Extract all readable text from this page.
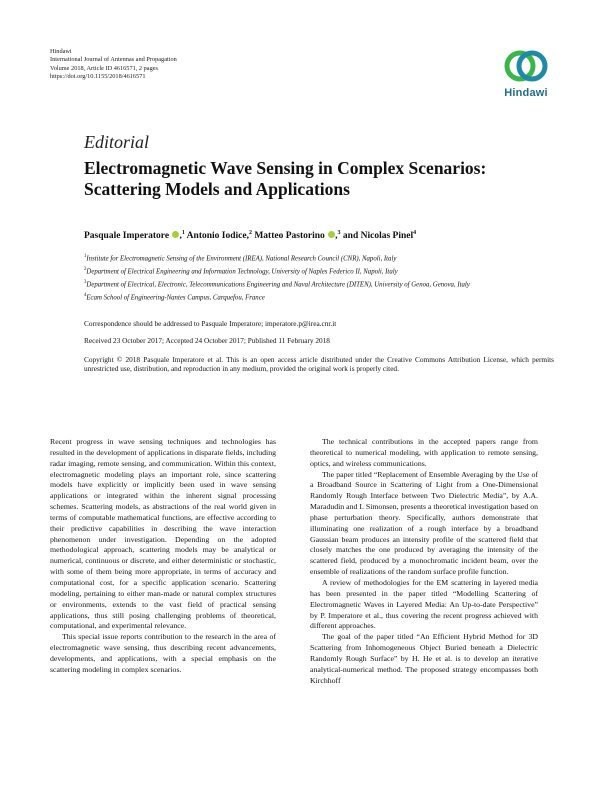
Hindawi
International Journal of Antennas and Propagation
Volume 2018, Article ID 4616571, 2 pages
https://doi.org/10.1155/2018/4616571
Hindawi
Editorial
Electromagnetic Wave Sensing in Complex Scenarios: Scattering Models and Applications
Pasquale Imperatore ,$^1$ Antonio Iodice,$^2$ Matteo Pastorino ,$^3$ and Nicolas Pinel$^4$
$^1$Institute for Electromagnetic Sensing of the Environment (IREA), National Research Council (CNR), Napoli, Italy
$^2$Department of Electrical Engineering and Information Technology, University of Naples Federico II, Napoli, Italy
$^3$Department of Electrical, Electronic, Telecommunications Engineering and Naval Architecture (DITEN), University of Genoa, Genova, Italy
$^4$Ecam School of Engineering-Nantes Campus, Carquefou, France
Correspondence should be addressed to Pasquale Imperatore; imperatore.p@irea.cnr.it
Received 23 October 2017; Accepted 24 October 2017; Published 11 February 2018
Copyright © 2018 Pasquale Imperatore et al. This is an open access article distributed under the Creative Commons Attribution License, which permits unrestricted use, distribution, and reproduction in any medium, provided the original work is properly cited.

Recent progress in wave sensing techniques and technologies has resulted in the development of applications in disparate fields, including radar imaging, remote sensing, and communication. Within this context, electromagnetic modeling plays an important role, since scattering models have explicitly or implicitly been used in wave sensing applications or integrated within the inherent signal processing schemes. Scattering models, as abstractions of the real world given in terms of computable mathematical functions, are effective according to their predictive capabilities in describing the wave interaction phenomenon under investigation. Depending on the adopted methodological approach, scattering models may be analytical or numerical, continuous or discrete, and either deterministic or stochastic, with some of them being more appropriate, in terms of accuracy and computational cost, for a specific application scenario. Scattering modeling, pertaining to either man-made or natural complex structures or environments, extends to the vast field of practical sensing applications, thus still posing challenging problems of theoretical, computational, and experimental relevance.

This special issue reports contribution to the research in the area of electromagnetic wave sensing, thus describing recent advancements, developments, and applications, with a special emphasis on the scattering modeling in complex scenarios.

The technical contributions in the accepted papers range from theoretical to numerical modeling, with application to remote sensing, optics, and wireless communications.

The paper titled “Replacement of Ensemble Averaging by the Use of a Broadband Source in Scattering of Light from a One-Dimensional Randomly Rough Interface between Two Dielectric Media”, by A.A. Maradudin and I. Simonsen, presents a theoretical investigation based on phase perturbation theory. Specifically, authors demonstrate that illuminating one realization of a rough interface by a broadband Gaussian beam produces an intensity profile of the scattered field that closely matches the one produced by averaging the intensity of the scattered field, produced by a monochromatic incident beam, over the ensemble of realizations of the random surface profile function.

A review of methodologies for the EM scattering in layered media has been presented in the paper titled “Modelling Scattering of Electromagnetic Waves in Layered Media: An Up-to-date Perspective” by P. Imperatore et al., thus covering the recent progress achieved with different approaches.

The goal of the paper titled “An Efficient Hybrid Method for 3D Scattering from Inhomogeneous Object Buried beneath a Dielectric Randomly Rough Surface” by H. He et al. is to develop an iterative analytical-numerical method. The proposed strategy encompasses both Kirchhoff
